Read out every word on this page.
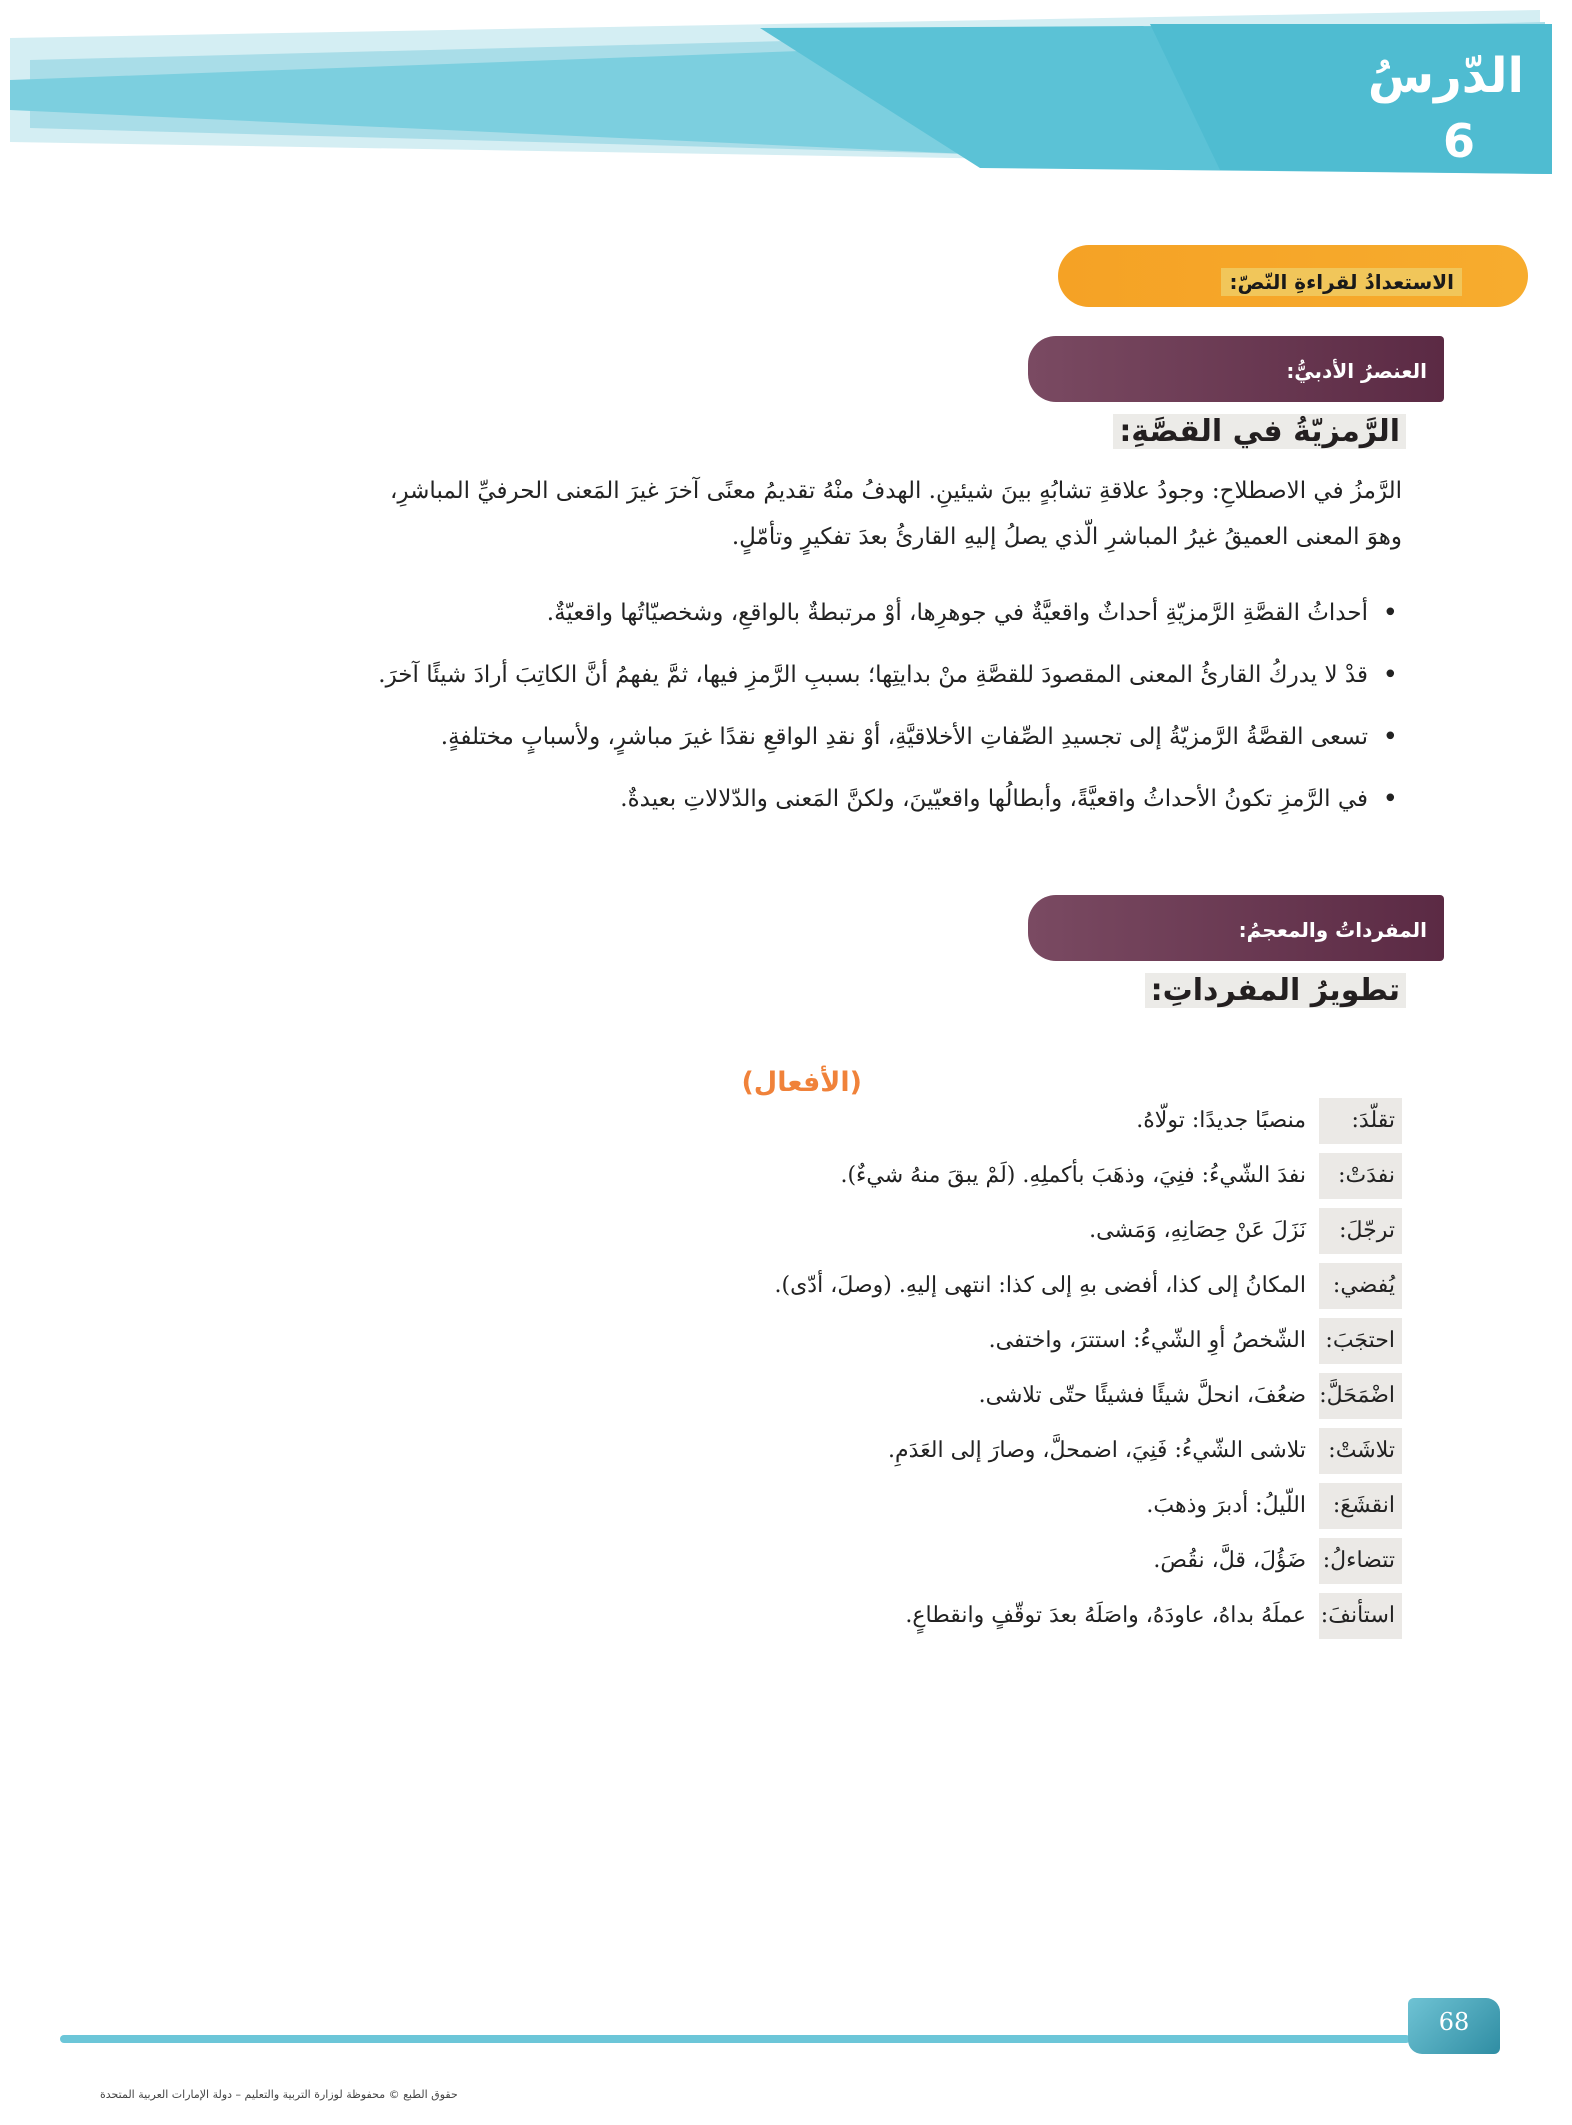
الدّرسُ
6
الاستعدادُ لقراءةِ النّصّ:
العنصرُ الأدبيُّ:
الرَّمزيّةُ في القصَّةِ:
الرَّمزُ في الاصطلاحِ: وجودُ علاقةِ تشابُهٍ بينَ شيئينِ. الهدفُ منْهُ تقديمُ معنًى آخرَ غيرَ المَعنى الحرفيِّ المباشرِ،
وهوَ المعنى العميقُ غيرُ المباشرِ الّذي يصلُ إليهِ القارئُ بعدَ تفكيرٍ وتأمّلٍ.
• أحداثُ القصَّةِ الرَّمزيّةِ أحداثٌ واقعيَّةٌ في جوهرِها، أوْ مرتبطةٌ بالواقعِ، وشخصيّاتُها واقعيّةٌ.
• قدْ لا يدركُ القارئُ المعنى المقصودَ للقصَّةِ منْ بدايتِها؛ بسببِ الرَّمزِ فيها، ثمَّ يفهمُ أنَّ الكاتِبَ أرادَ شيئًا آخرَ.
• تسعى القصَّةُ الرَّمزيّةُ إلى تجسيدِ الصِّفاتِ الأخلاقيَّةِ، أوْ نقدِ الواقعِ نقدًا غيرَ مباشرٍ، ولأسبابٍ مختلفةٍ.
• في الرَّمزِ تكونُ الأحداثُ واقعيَّةً، وأبطالُها واقعيّينَ، ولكنَّ المَعنى والدّلالاتِ بعيدةٌ.
المفرداتُ والمعجمُ:
تطويرُ المفرداتِ:
(الأفعال)
تقلّدَ:
منصبًا جديدًا: تولّاهُ.
نفدَتْ:
نفدَ الشّيءُ: فنِيَ، وذهَبَ بأكملِهِ. (لَمْ يبقَ منهُ شيءٌ).
ترجّلَ:
نَزَلَ عَنْ حِصَانِهِ، وَمَشى.
يُفضي:
المكانُ إلى كذا، أفضى بهِ إلى كذا: انتهى إليهِ. (وصلَ، أدّى).
احتجَبَ:
الشّخصُ أوِ الشّيءُ: استترَ، واختفى.
اضْمَحَلَّ:
ضعُفَ، انحلَّ شيئًا فشيئًا حتّى تلاشى.
تلاشَتْ:
تلاشى الشّيءُ: فَنِيَ، اضمحلَّ، وصارَ إلى العَدَمِ.
انقشَعَ:
اللّيلُ: أدبرَ وذهبَ.
تتضاءلُ:
ضَؤُلَ، قلَّ، نقُصَ.
استأنفَ:
عملَهُ بداهُ، عاودَهُ، واصَلَهُ بعدَ توقّفٍ وانقطاعٍ.
68
حقوق الطبع © محفوظة لوزارة التربية والتعليم – دولة الإمارات العربية المتحدة
